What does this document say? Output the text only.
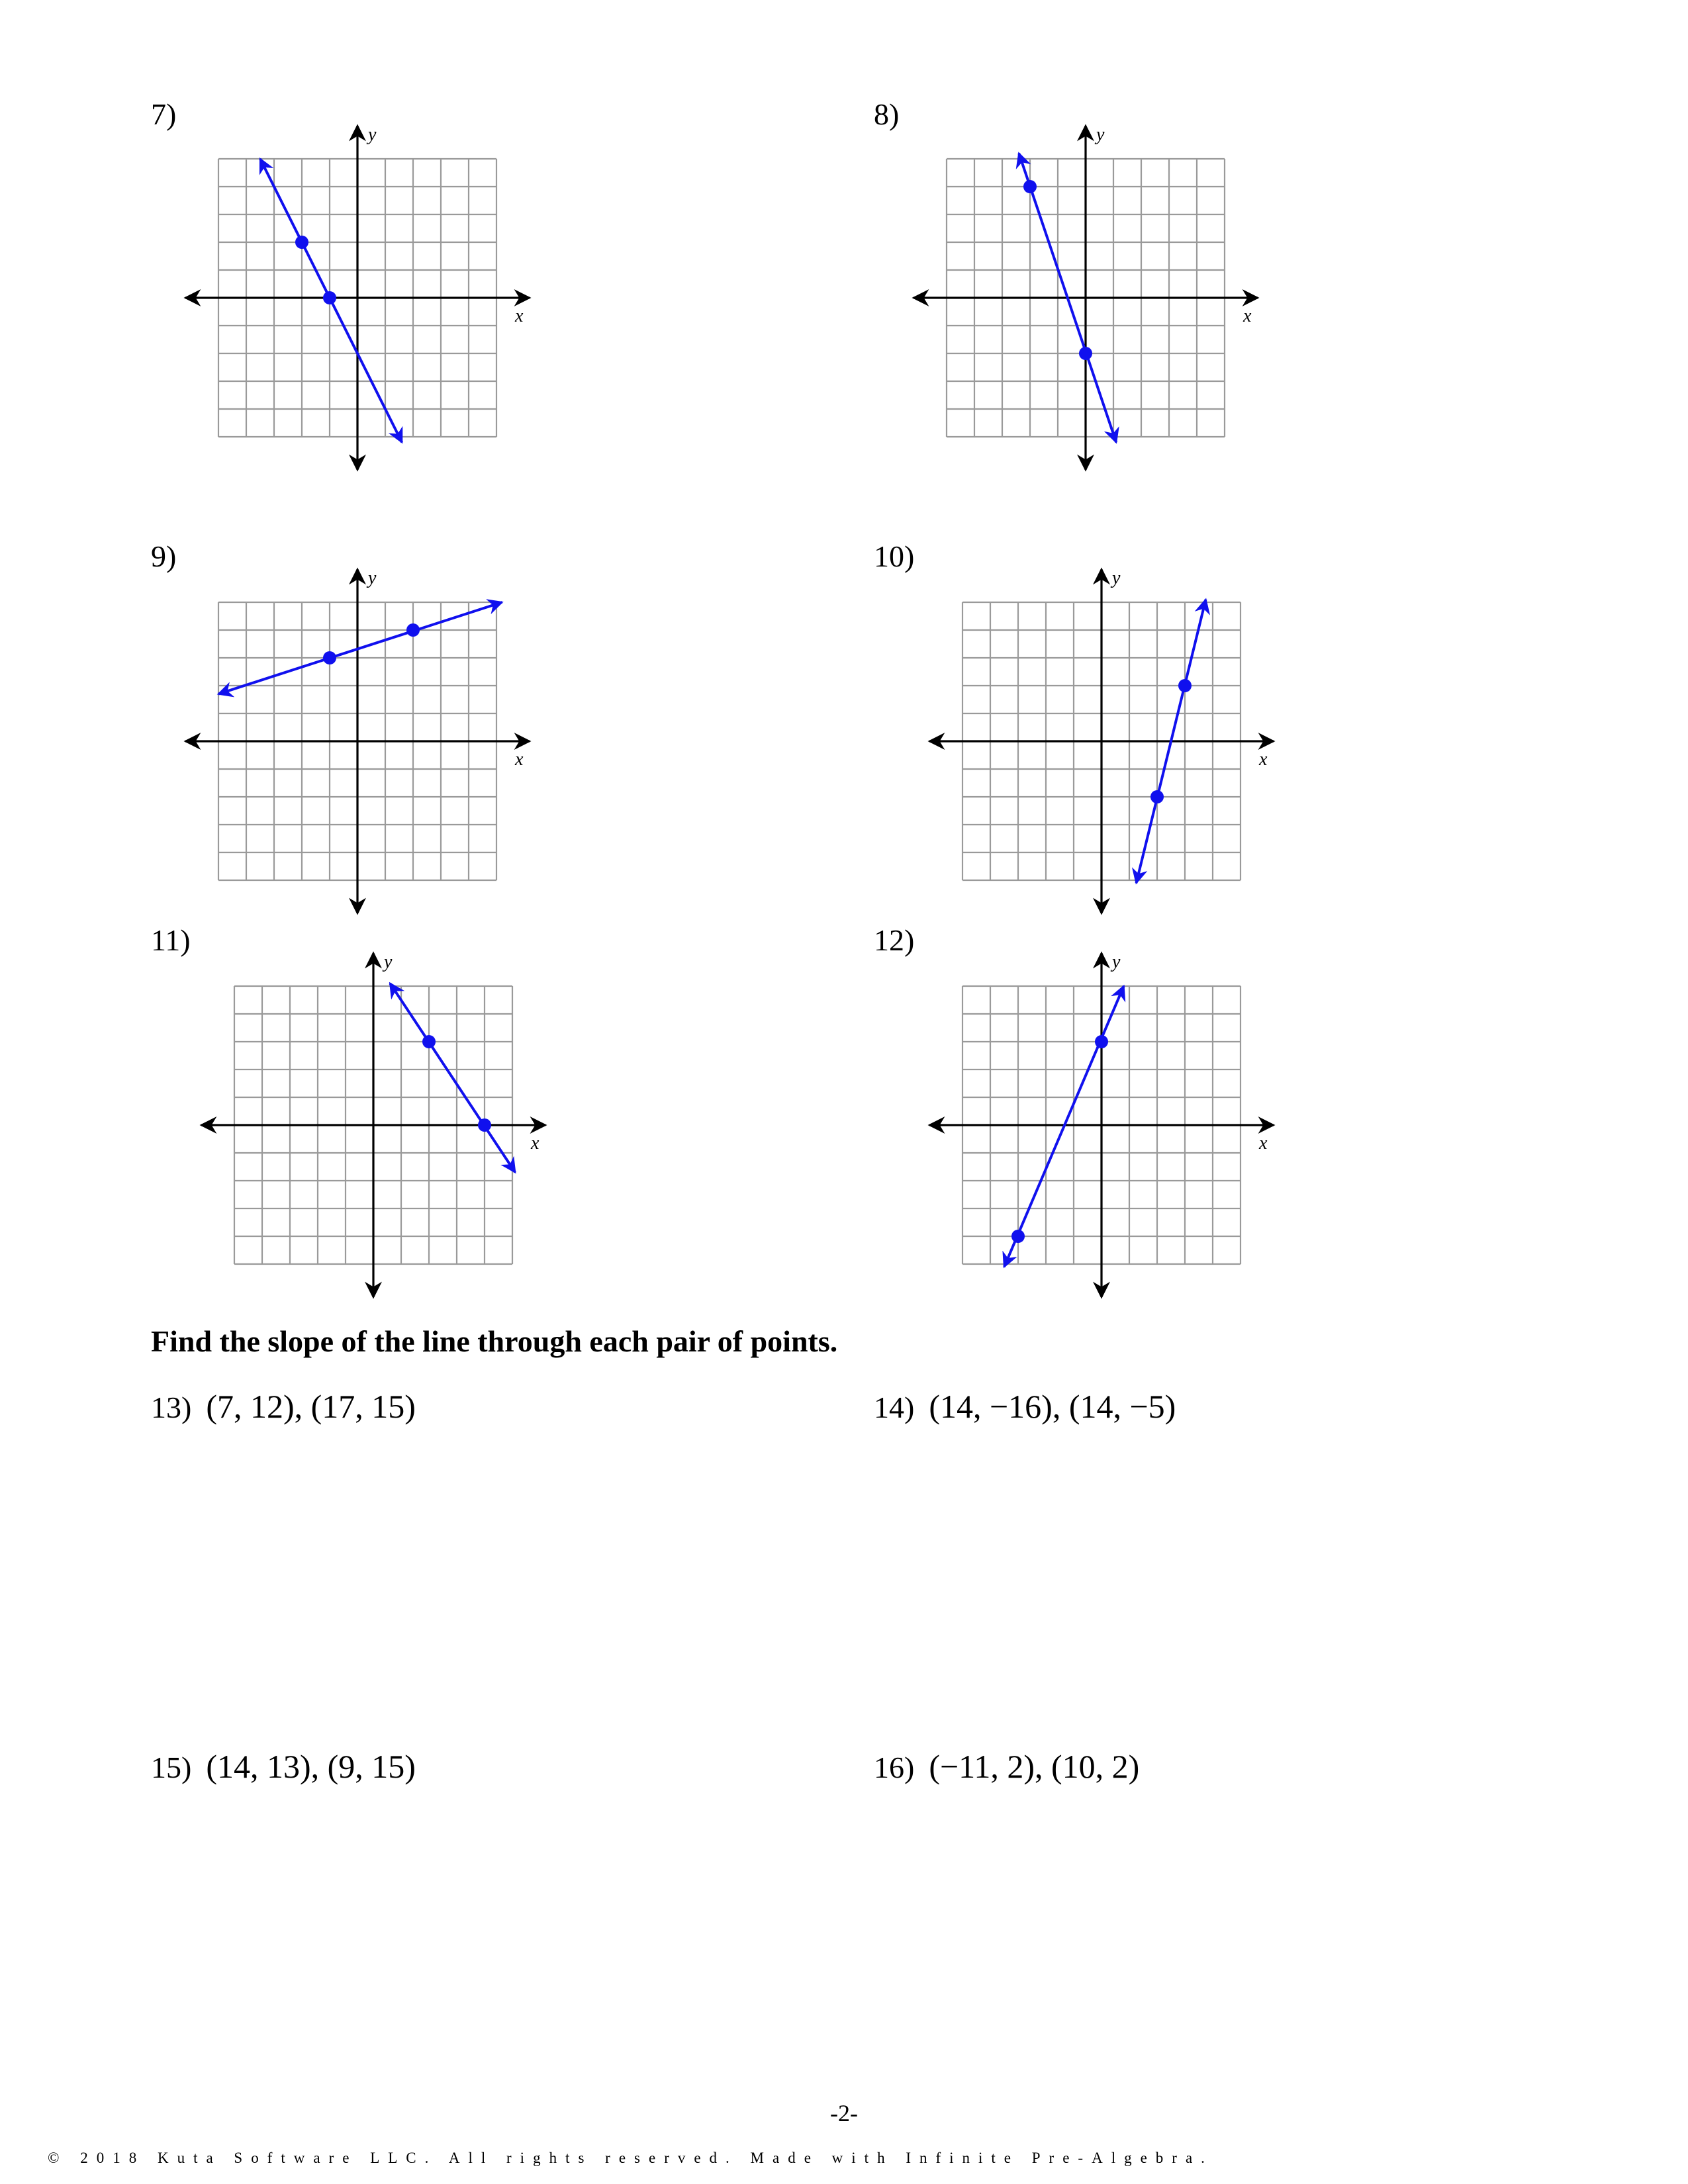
7)
x
y
8)
x
y
9)
x
y
10)
x
y
11)
x
y
12)
x
y
Find the slope of the line through each pair of points.
13) (7, 12), (17, 15)	14) (14, −16), (14, −5)
15) (14, 13), (9, 15)	16) (−11, 2), (10, 2)
-2-
© 2018 Kuta Software LLC. All rights reserved. Made with Infinite Pre-Algebra.
